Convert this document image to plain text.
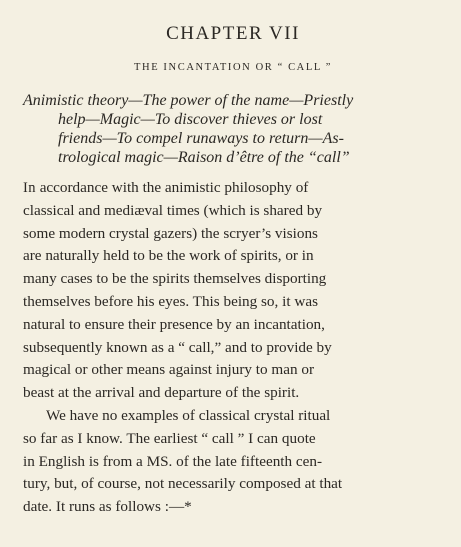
CHAPTER VII
THE INCANTATION OR “ CALL ”
Animistic theory—The power of the name—Priestly
help—Magic—To discover thieves or lost
friends—To compel runaways to return—As-
trological magic—Raison d’être of the “call”

In accordance with the animistic philosophy of
classical and mediæval times (which is shared by
some modern crystal gazers) the scryer’s visions
are naturally held to be the work of spirits, or in
many cases to be the spirits themselves disporting
themselves before his eyes. This being so, it was
natural to ensure their presence by an incantation,
subsequently known as a “ call,” and to provide by
magical or other means against injury to man or
beast at the arrival and departure of the spirit.

We have no examples of classical crystal ritual
so far as I know. The earliest “ call ” I can quote
in English is from a MS. of the late fifteenth cen-
tury, but, of course, not necessarily composed at that
date. It runs as follows :—*
